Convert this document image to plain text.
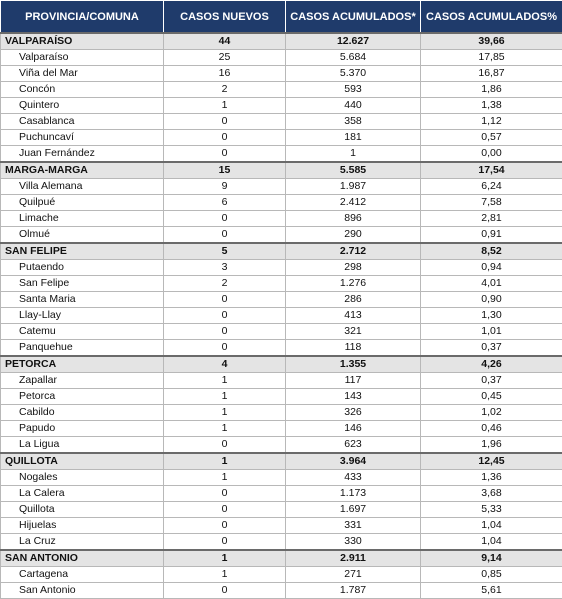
PROVINCIA/COMUNA	CASOS NUEVOS	CASOS ACUMULADOS*	CASOS ACUMULADOS%
VALPARAÍSO	44	12.627	39,66
Valparaíso	25	5.684	17,85
Viña del Mar	16	5.370	16,87
Concón	2	593	1,86
Quintero	1	440	1,38
Casablanca	0	358	1,12
Puchuncaví	0	181	0,57
Juan Fernández	0	1	0,00
MARGA-MARGA	15	5.585	17,54
Villa Alemana	9	1.987	6,24
Quilpué	6	2.412	7,58
Limache	0	896	2,81
Olmué	0	290	0,91
SAN FELIPE	5	2.712	8,52
Putaendo	3	298	0,94
San Felipe	2	1.276	4,01
Santa Maria	0	286	0,90
Llay-Llay	0	413	1,30
Catemu	0	321	1,01
Panquehue	0	118	0,37
PETORCA	4	1.355	4,26
Zapallar	1	117	0,37
Petorca	1	143	0,45
Cabildo	1	326	1,02
Papudo	1	146	0,46
La Ligua	0	623	1,96
QUILLOTA	1	3.964	12,45
Nogales	1	433	1,36
La Calera	0	1.173	3,68
Quillota	0	1.697	5,33
Hijuelas	0	331	1,04
La Cruz	0	330	1,04
SAN ANTONIO	1	2.911	9,14
Cartagena	1	271	0,85
San Antonio	0	1.787	5,61
